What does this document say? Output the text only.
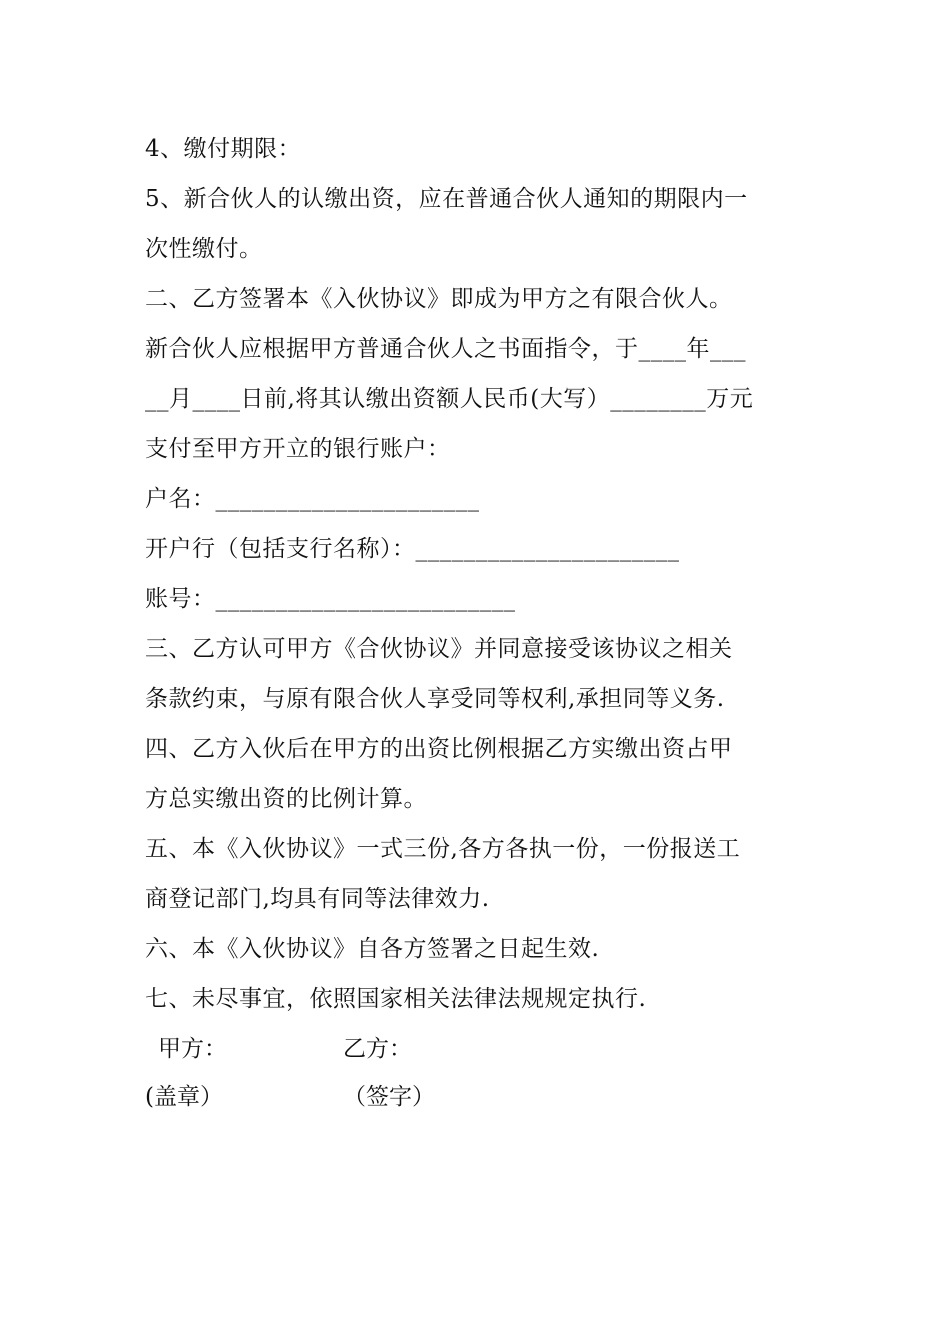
4、缴付期限：
5、新合伙人的认缴出资，应在普通合伙人通知的期限内一
次性缴付。
二、乙方签署本《入伙协议》即成为甲方之有限合伙人。
新合伙人应根据甲方普通合伙人之书面指令，于____年___
__月____日前,将其认缴出资额人民币(大写）________万元
支付至甲方开立的银行账户：
户名：______________________
开户行（包括支行名称）：______________________
账号：_________________________
三、乙方认可甲方《合伙协议》并同意接受该协议之相关
条款约束，与原有限合伙人享受同等权利,承担同等义务.
四、乙方入伙后在甲方的出资比例根据乙方实缴出资占甲
方总实缴出资的比例计算。
五、本《入伙协议》一式三份,各方各执一份，一份报送工
商登记部门,均具有同等法律效力.
六、本《入伙协议》自各方签署之日起生效.
七、未尽事宜，依照国家相关法律法规规定执行.
甲方：	乙方：
(盖章）	（签字）
